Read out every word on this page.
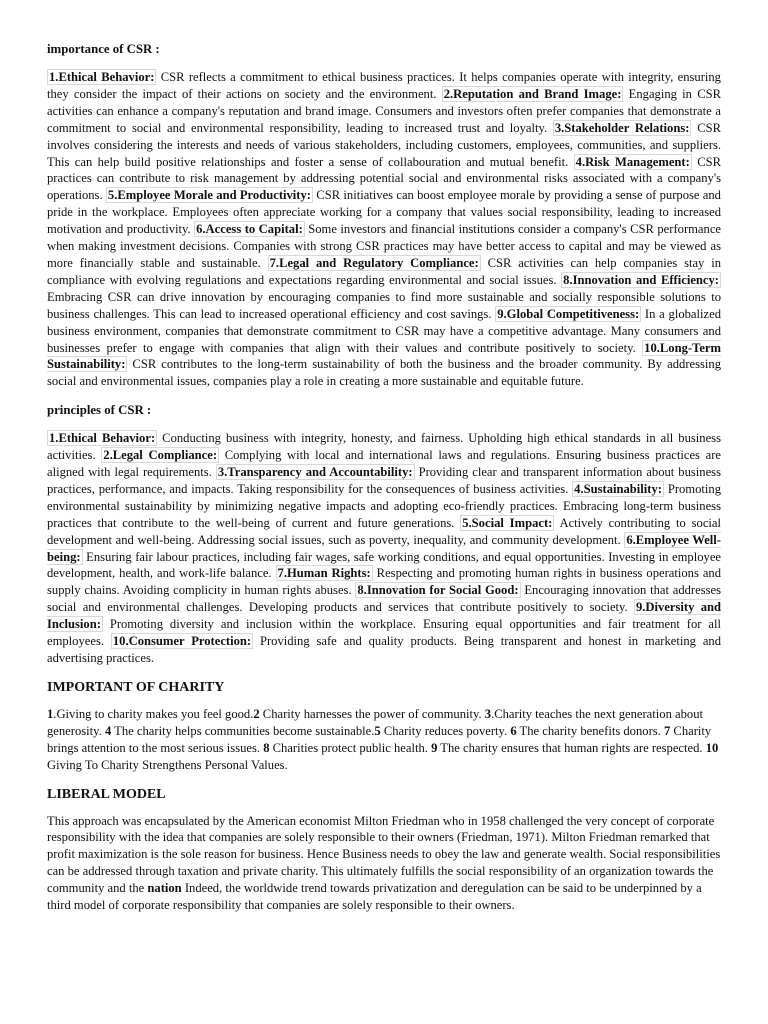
importance of CSR :

1.Ethical Behavior: CSR reflects a commitment to ethical business practices. It helps companies operate with integrity, ensuring they consider the impact of their actions on society and the environment. 2.Reputation and Brand Image: Engaging in CSR activities can enhance a company's reputation and brand image. Consumers and investors often prefer companies that demonstrate a commitment to social and environmental responsibility, leading to increased trust and loyalty. 3.Stakeholder Relations: CSR involves considering the interests and needs of various stakeholders, including customers, employees, communities, and suppliers. This can help build positive relationships and foster a sense of collabouration and mutual benefit. 4.Risk Management: CSR practices can contribute to risk management by addressing potential social and environmental risks associated with a company's operations. 5.Employee Morale and Productivity: CSR initiatives can boost employee morale by providing a sense of purpose and pride in the workplace. Employees often appreciate working for a company that values social responsibility, leading to increased motivation and productivity. 6.Access to Capital: Some investors and financial institutions consider a company's CSR performance when making investment decisions. Companies with strong CSR practices may have better access to capital and may be viewed as more financially stable and sustainable. 7.Legal and Regulatory Compliance: CSR activities can help companies stay in compliance with evolving regulations and expectations regarding environmental and social issues. 8.Innovation and Efficiency: Embracing CSR can drive innovation by encouraging companies to find more sustainable and socially responsible solutions to business challenges. This can lead to increased operational efficiency and cost savings. 9.Global Competitiveness: In a globalized business environment, companies that demonstrate commitment to CSR may have a competitive advantage. Many consumers and businesses prefer to engage with companies that align with their values and contribute positively to society. 10.Long-Term Sustainability: CSR contributes to the long-term sustainability of both the business and the broader community. By addressing social and environmental issues, companies play a role in creating a more sustainable and equitable future.

principles of CSR :

1.Ethical Behavior: Conducting business with integrity, honesty, and fairness. Upholding high ethical standards in all business activities. 2.Legal Compliance: Complying with local and international laws and regulations. Ensuring business practices are aligned with legal requirements. 3.Transparency and Accountability: Providing clear and transparent information about business practices, performance, and impacts. Taking responsibility for the consequences of business activities. 4.Sustainability: Promoting environmental sustainability by minimizing negative impacts and adopting eco-friendly practices. Embracing long-term business practices that contribute to the well-being of current and future generations. 5.Social Impact: Actively contributing to social development and well-being. Addressing social issues, such as poverty, inequality, and community development. 6.Employee Well-being: Ensuring fair labour practices, including fair wages, safe working conditions, and equal opportunities. Investing in employee development, health, and work-life balance. 7.Human Rights: Respecting and promoting human rights in business operations and supply chains. Avoiding complicity in human rights abuses. 8.Innovation for Social Good: Encouraging innovation that addresses social and environmental challenges. Developing products and services that contribute positively to society. 9.Diversity and Inclusion: Promoting diversity and inclusion within the workplace. Ensuring equal opportunities and fair treatment for all employees. 10.Consumer Protection: Providing safe and quality products. Being transparent and honest in marketing and advertising practices.

IMPORTANT OF CHARITY

1.Giving to charity makes you feel good.2 Charity harnesses the power of community. 3.Charity teaches the next generation about generosity. 4 The charity helps communities become sustainable.5 Charity reduces poverty. 6 The charity benefits donors. 7 Charity brings attention to the most serious issues. 8 Charities protect public health. 9 The charity ensures that human rights are respected. 10 Giving To Charity Strengthens Personal Values.

LIBERAL MODEL

This approach was encapsulated by the American economist Milton Friedman who in 1958 challenged the very concept of corporate responsibility with the idea that companies are solely responsible to their owners (Friedman, 1971). Milton Friedman remarked that profit maximization is the sole reason for business. Hence Business needs to obey the law and generate wealth. Social responsibilities can be addressed through taxation and private charity. This ultimately fulfills the social responsibility of an organization towards the community and the nation Indeed, the worldwide trend towards privatization and deregulation can be said to be underpinned by a third model of corporate responsibility that companies are solely responsible to their owners.
